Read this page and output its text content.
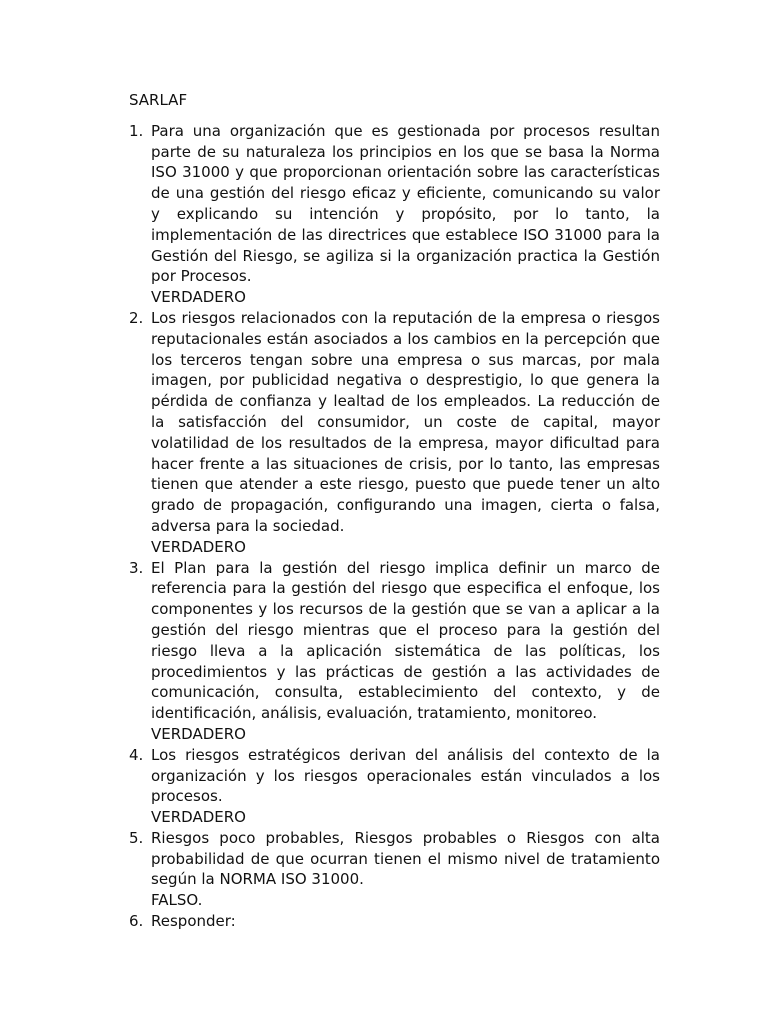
SARLAF

1. Para una organización que es gestionada por procesos resultan parte de su naturaleza los principios en los que se basa la Norma ISO 31000 y que proporcionan orientación sobre las características de una gestión del riesgo eficaz y eficiente, comunicando su valor y explicando su intención y propósito, por lo tanto, la implementación de las directrices que establece ISO 31000 para la Gestión del Riesgo, se agiliza si la organización practica la Gestión por Procesos.

VERDADERO

2. Los riesgos relacionados con la reputación de la empresa o riesgos reputacionales están asociados a los cambios en la percepción que los terceros tengan sobre una empresa o sus marcas, por mala imagen, por publicidad negativa o desprestigio, lo que genera la pérdida de confianza y lealtad de los empleados. La reducción de la satisfacción del consumidor, un coste de capital, mayor volatilidad de los resultados de la empresa, mayor dificultad para hacer frente a las situaciones de crisis, por lo tanto, las empresas tienen que atender a este riesgo, puesto que puede tener un alto grado de propagación, configurando una imagen, cierta o falsa, adversa para la sociedad.

VERDADERO

3. El Plan para la gestión del riesgo implica definir un marco de referencia para la gestión del riesgo que especifica el enfoque, los componentes y los recursos de la gestión que se van a aplicar a la gestión del riesgo mientras que el proceso para la gestión del riesgo lleva a la aplicación sistemática de las políticas, los procedimientos y las prácticas de gestión a las actividades de comunicación, consulta, establecimiento del contexto, y de identificación, análisis, evaluación, tratamiento, monitoreo.

VERDADERO

4. Los riesgos estratégicos derivan del análisis del contexto de la organización y los riesgos operacionales están vinculados a los procesos.

VERDADERO

5. Riesgos poco probables, Riesgos probables o Riesgos con alta probabilidad de que ocurran tienen el mismo nivel de tratamiento según la NORMA ISO 31000.

FALSO.

6. Responder:
